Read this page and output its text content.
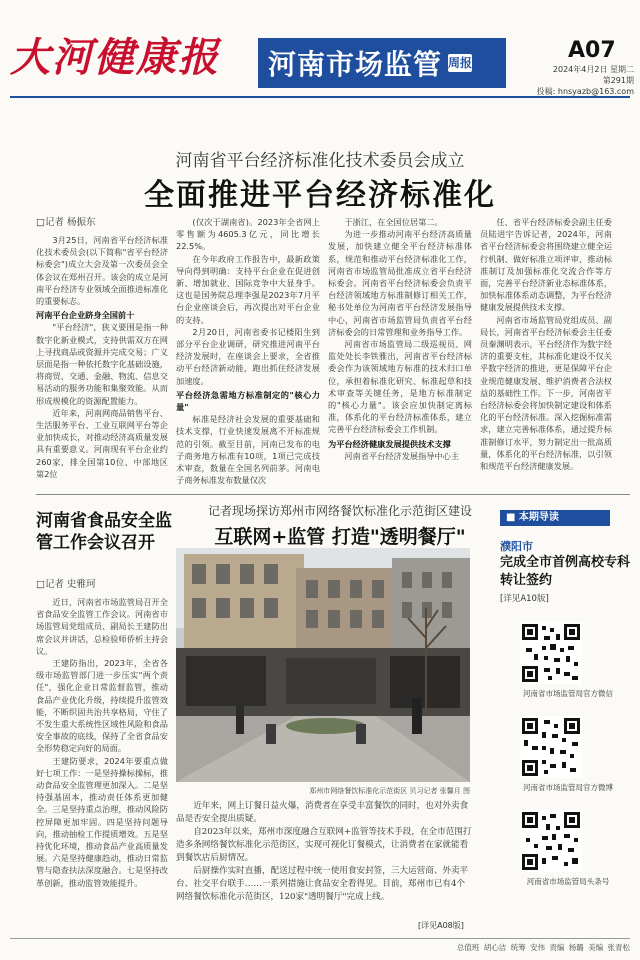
大河健康报	河南市场监管 周报	A07
2024年4月2日 星期二
第291期
投稿: hnsyazb@163.com
河南省平台经济标准化技术委员会成立
全面推进平台经济标准化
□记者 杨振东

3月25日，河南省平台经济标准化技术委员会(以下简称"省平台经济标委会")成立大会及第一次委员会全体会议在郑州召开。该会的成立是河南平台经济专业领域全面推进标准化的重要标志。

河南平台企业跻身全国前十

"平台经济"，狭义要围是指一种数字化新业模式，支持供需双方在网上寻找商品或资源并完成交易；广义层面是指一种依托数字化基础设施，将商贸、交通、金融、物流、信息交易活动的服务功能和集聚效能。从而形成规模化的资源配置能力。

近年来，河南网商品销售平台、生活服务平台、工业互联网平台等企业加快成长，对推动经济高质量发展具有重要意义。河南现有平台企业约260家，排全国第10位、中部地区第2位

(仅次于湖南省)。2023年全省网上零售额为4605.3亿元，同比增长22.5%。

在今年政府工作报告中，最新政策导向得到明确：支持平台企业在促进创新、增加就业、国际竞争中大显身手。这也是国务院总理李强是2023年7月平台企业座谈会后，再次提出对平台企业的支持。

2月20日，河南省委书记楼阳生到部分平台企业调研，研究推进河南平台经济发展时，在座谈会上要求，全省推动平台经济新动能，跑出抓住经济发展加速度。

平台经济急需地方标准制定的"核心力量"

标准是经济社会发展的重要基础和技术支撑，行业快速发展离不开标准规范的引领。截至目前，河南已发布的电子商务地方标准有10项，1项已完成技术审查，数量在全国名列前茅。河南电子商务标准发布数量仅次

于浙江，在全国位居第二。

为进一步推动河南平台经济高质量发展，加快建立健全平台经济标准体系，规范和推动平台经济标准化工作，河南省市场监管局批准成立省平台经济标委会。河南省平台经济标委会负责平台经济领域地方标准制修订相关工作，秘书处单位为河南省平台经济发展指导中心，河南省市场监管局负责省平台经济标委会的日常管理和业务指导工作。

河南省市场监管局二级巡视员、网监处处长李铁雅出，河南省平台经济标委会作为该领域地方标准的技术归口单位，承担着标准化研究、标准起草和技术审查等关键任务，是地方标准制定的"核心力量"。该会应加快制定离标准，体系化的平台经济标准体系，建立完善平台经济标委会工作机制。

为平台经济健康发展提供技术支撑

河南省平台经济发展指导中心主

任、省平台经济标委会副主任委员陆进宇告诉记者，2024年，河南省平台经济标委会将围绕建立健全运行机制、做好标准立项评审、推动标准制订及加强标准化交流合作等方面，完善平台经济新业态标准体系，加快标准体系动态调整，为平台经济健康发展提供技术支撑。

河南省市场监管局党组成员、副局长，河南省平台经济标委会主任委员秦渊明表示，平台经济作为数字经济的重要支柱，其标准化建设不仅关乎数字经济的推进，更是保障平台企业规范健康发展、维护消费者合法权益的基础性工作。下一步，河南省平台经济标委会将加快制定建设和体系化的平台经济标准。深入挖掘标准需求，建立完善标准体系，通过提升标准制修订水平，努力制定出一批高质量，体系化的平台经济标准，以引领和规范平台经济健康发展。

河南省食品安全监管工作会议召开
□记者 史雅珂

近日，河南省市场监管局召开全省食品安全监管工作会议。河南省市场监管局党组成员、副局长王建防出席会议并讲话，总检验师侨析主持会议。

王建防指出，2023年，全省各级市场监管部门进一步压实"两个责任"，强化企业日常监督监管，推动食品产业优化升级，持续提升监管效能，不断织固共治共享格局，守住了不发生重大系统性区域性风险和食品安全事故的底线，保持了全省食品安全形势稳定向好的局面。

王建防要求，2024年要重点做好七项工作：一是坚持操标操标，推动食品安全监管理更加深入。二是坚持强基固本，推动责任体系更加健全。三是坚持重点治理，推动风险防控屏障更加牢固。四是坚持问题导向，推动抽检工作提质增效。五是坚持优化环境，推动食品产业高质量发展。六是坚持健康趋动，推动日常监管与隐查扶法深度融合。七是坚持改革创新，推动监管效能提升。

记者现场探访郑州市网络餐饮标准化示范街区建设
互联网+监管 打造"透明餐厅"
郑州市网络餐饮标准化示范街区 贝习记者 张馨月 图

近年来，网上订餐日益火爆，消费者在享受丰富餐饮的同时，也对外卖食品是否安全提出质疑。

自2023年以来，郑州市深度融合互联网+监管等技术手段，在全市范围打造多条网络餐饮标准化示范街区，实现可视化订餐模式，让消费者在家就能看到餐饮店后厨情况。

后厨操作实时直播，配送过程中统一使用食安封签，三大运营商、外卖平台、社交平台联手……一系列措施让食品安全看得见。目前，郑州市已有4个网络餐饮标准化示范街区，120家"透明餐厅"完成上线。

[详见A08版]
■ 本期导读
濮阳市
完成全市首例高校专科转让签约
[详见A10版]
河南省市场监管局官方微信
河南省市场监管局官方微博
河南省市场监管局头条号
总值班 胡心洁 统筹 安伟 责编 杨璐 美编 张青松
